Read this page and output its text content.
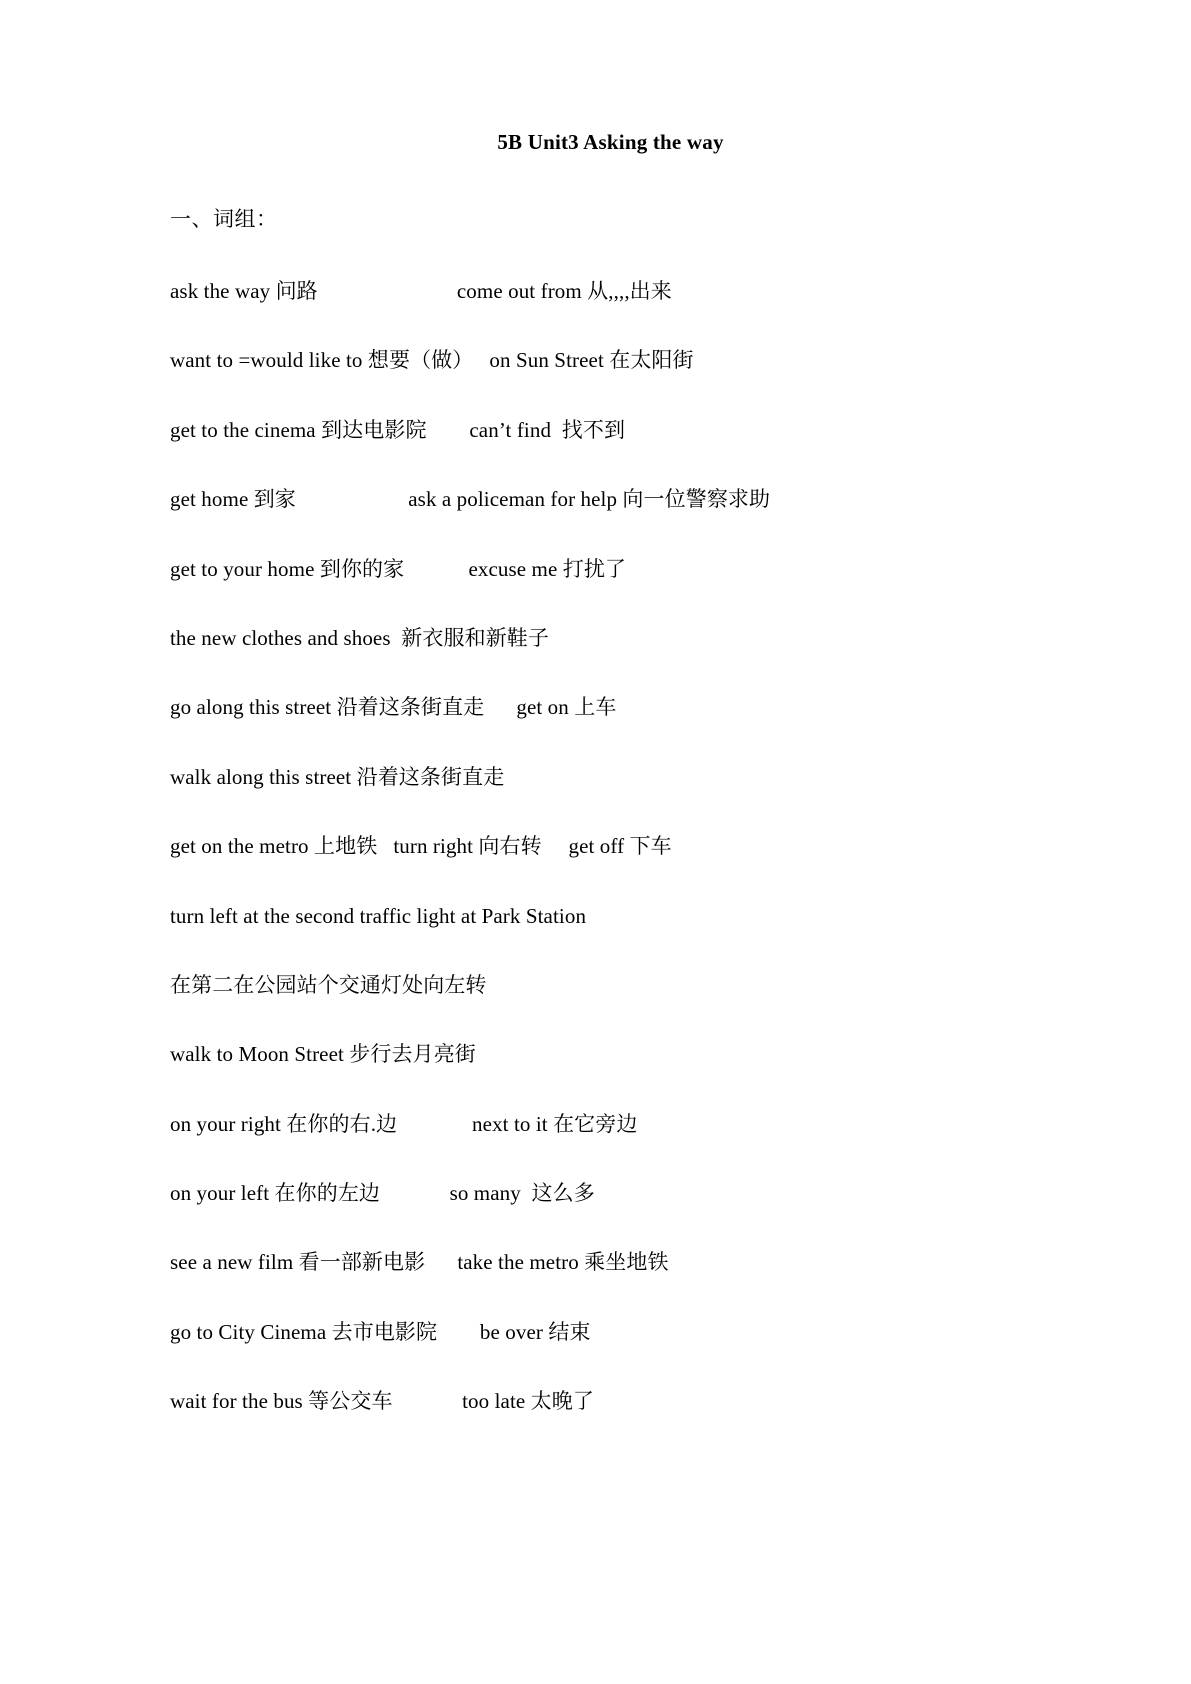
5B Unit3 Asking the way
一、词组：
ask the way 问路                          come out from 从,,,,出来
want to =would like to 想要（做）   on Sun Street 在太阳街
get to the cinema 到达电影院        can’t find  找不到
get home 到家                     ask a policeman for help 向一位警察求助
get to your home 到你的家            excuse me 打扰了
the new clothes and shoes  新衣服和新鞋子
go along this street 沿着这条街直走      get on 上车
walk along this street 沿着这条街直走
get on the metro 上地铁   turn right 向右转     get off 下车
turn left at the second traffic light at Park Station
在第二在公园站个交通灯处向左转
walk to Moon Street 步行去月亮街
on your right 在你的右.边              next to it 在它旁边
on your left 在你的左边             so many  这么多
see a new film 看一部新电影      take the metro 乘坐地铁
go to City Cinema 去市电影院        be over 结束
wait for the bus 等公交车             too late 太晚了
